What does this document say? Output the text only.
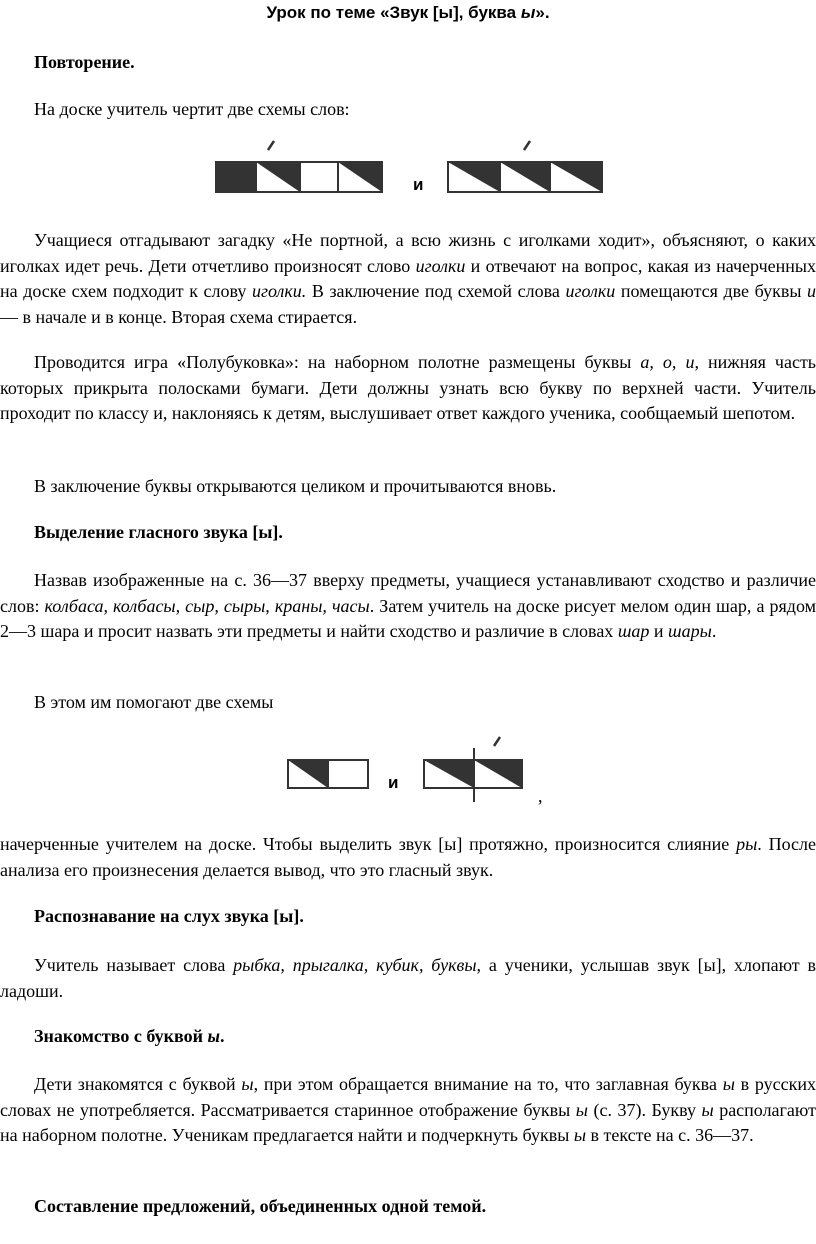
Урок по теме «Звук [ы], буква ы».
Повторение.
На доске учитель чертит две схемы слов:
и

Учащиеся отгадывают загадку «Не портной, а всю жизнь с иголками ходит», объясняют, о каких иголках идет речь. Дети отчетливо произносят слово иголки и отвечают на вопрос, какая из начерченных на доске схем подходит к слову иголки. В заключение под схемой слова иголки помещаются две буквы и — в начале и в конце. Вторая схема стирается.

Проводится игра «Полубуковка»: на наборном полотне размещены буквы а, о, и, нижняя часть которых прикрыта полосками бумаги. Дети должны узнать всю букву по верхней части. Учитель проходит по классу и, наклоняясь к детям, выслушивает ответ каждого ученика, сообщаемый шепотом.

В заключение буквы открываются целиком и прочитываются вновь.
Выделение гласного звука [ы].

Назвав изображенные на с. 36—37 вверху предметы, учащиеся устанавливают сходство и различие слов: колбаса, колбасы, сыр, сыры, краны, часы. Затем учитель на доске рисует мелом один шар, а рядом 2—3 шара и просит назвать эти предметы и найти сходство и различие в словах шар и шары.

В этом им помогают две схемы
и
,

начерченные учителем на доске. Чтобы выделить звук [ы] протяжно, произносится слияние ры. После анализа его произнесения делается вывод, что это гласный звук.

Распознавание на слух звука [ы].

Учитель называет слова рыбка, прыгалка, кубик, буквы, а ученики, услышав звук [ы], хлопают в ладоши.

Знакомство с буквой ы.

Дети знакомятся с буквой ы, при этом обращается внимание на то, что заглавная буква ы в русских словах не употребляется. Рассматривается старинное отображение буквы ы (с. 37). Букву ы располагают на наборном полотне. Ученикам предлагается найти и подчеркнуть буквы ы в тексте на с. 36—37.

Составление предложений, объединенных одной темой.
